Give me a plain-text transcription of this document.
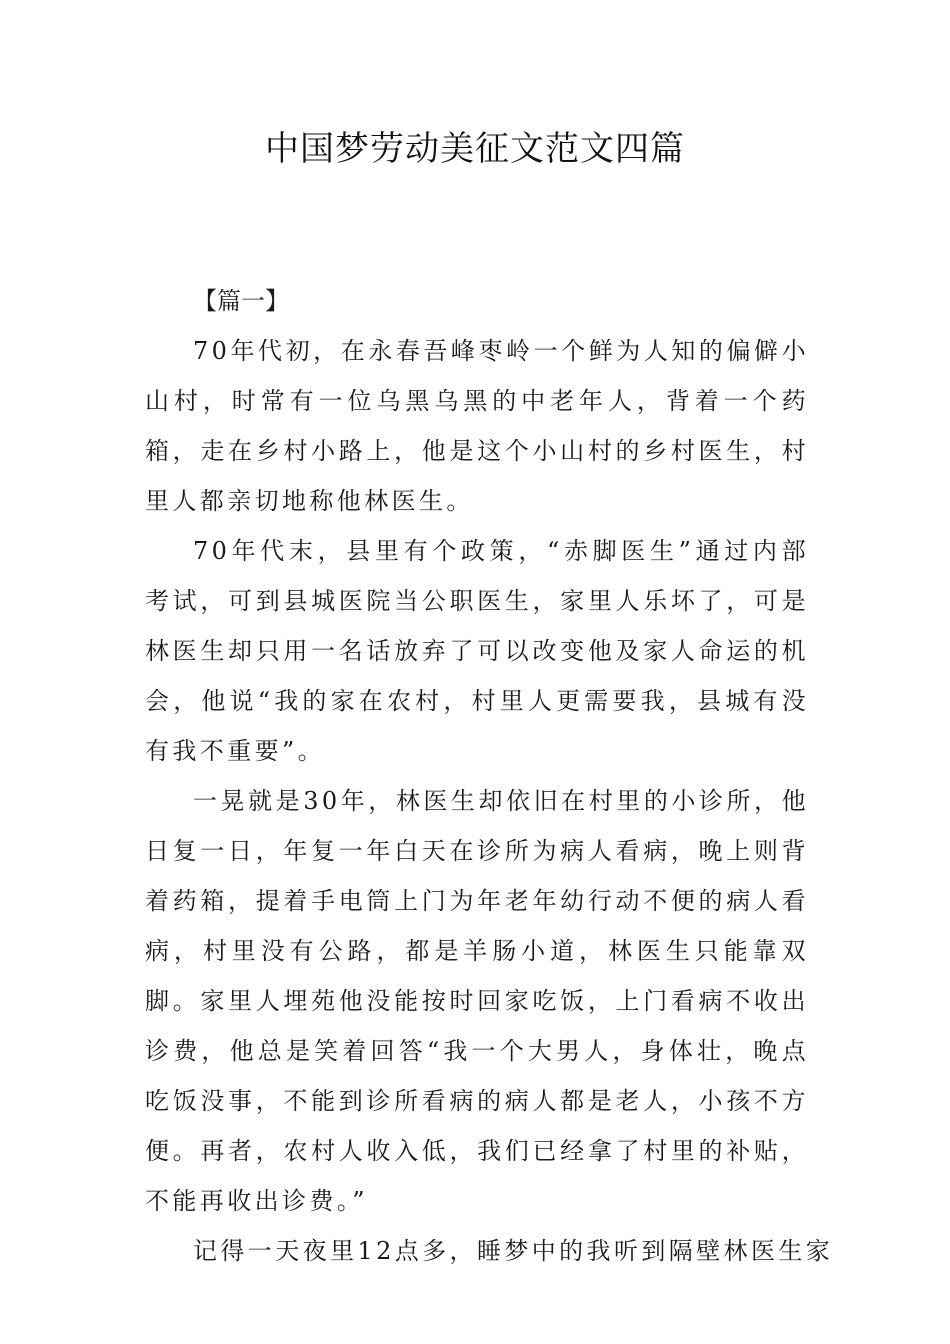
中国梦劳动美征文范文四篇

【篇一】

70年代初，在永春吾峰枣岭一个鲜为人知的偏僻小山村，时常有一位乌黑乌黑的中老年人，背着一个药箱，走在乡村小路上，他是这个小山村的乡村医生，村里人都亲切地称他林医生。

70年代末，县里有个政策，“赤脚医生”通过内部考试，可到县城医院当公职医生，家里人乐坏了，可是林医生却只用一名话放弃了可以改变他及家人命运的机会，他说“我的家在农村，村里人更需要我，县城有没有我不重要”。

一晃就是30年，林医生却依旧在村里的小诊所，他日复一日，年复一年白天在诊所为病人看病，晚上则背着药箱，提着手电筒上门为年老年幼行动不便的病人看病，村里没有公路，都是羊肠小道，林医生只能靠双脚。家里人埋苑他没能按时回家吃饭，上门看病不收出诊费，他总是笑着回答“我一个大男人，身体壮，晚点吃饭没事，不能到诊所看病的病人都是老人，小孩不方便。再者，农村人收入低，我们已经拿了村里的补贴，不能再收出诊费。”

记得一天夜里12点多，睡梦中的我听到隔壁林医生家
